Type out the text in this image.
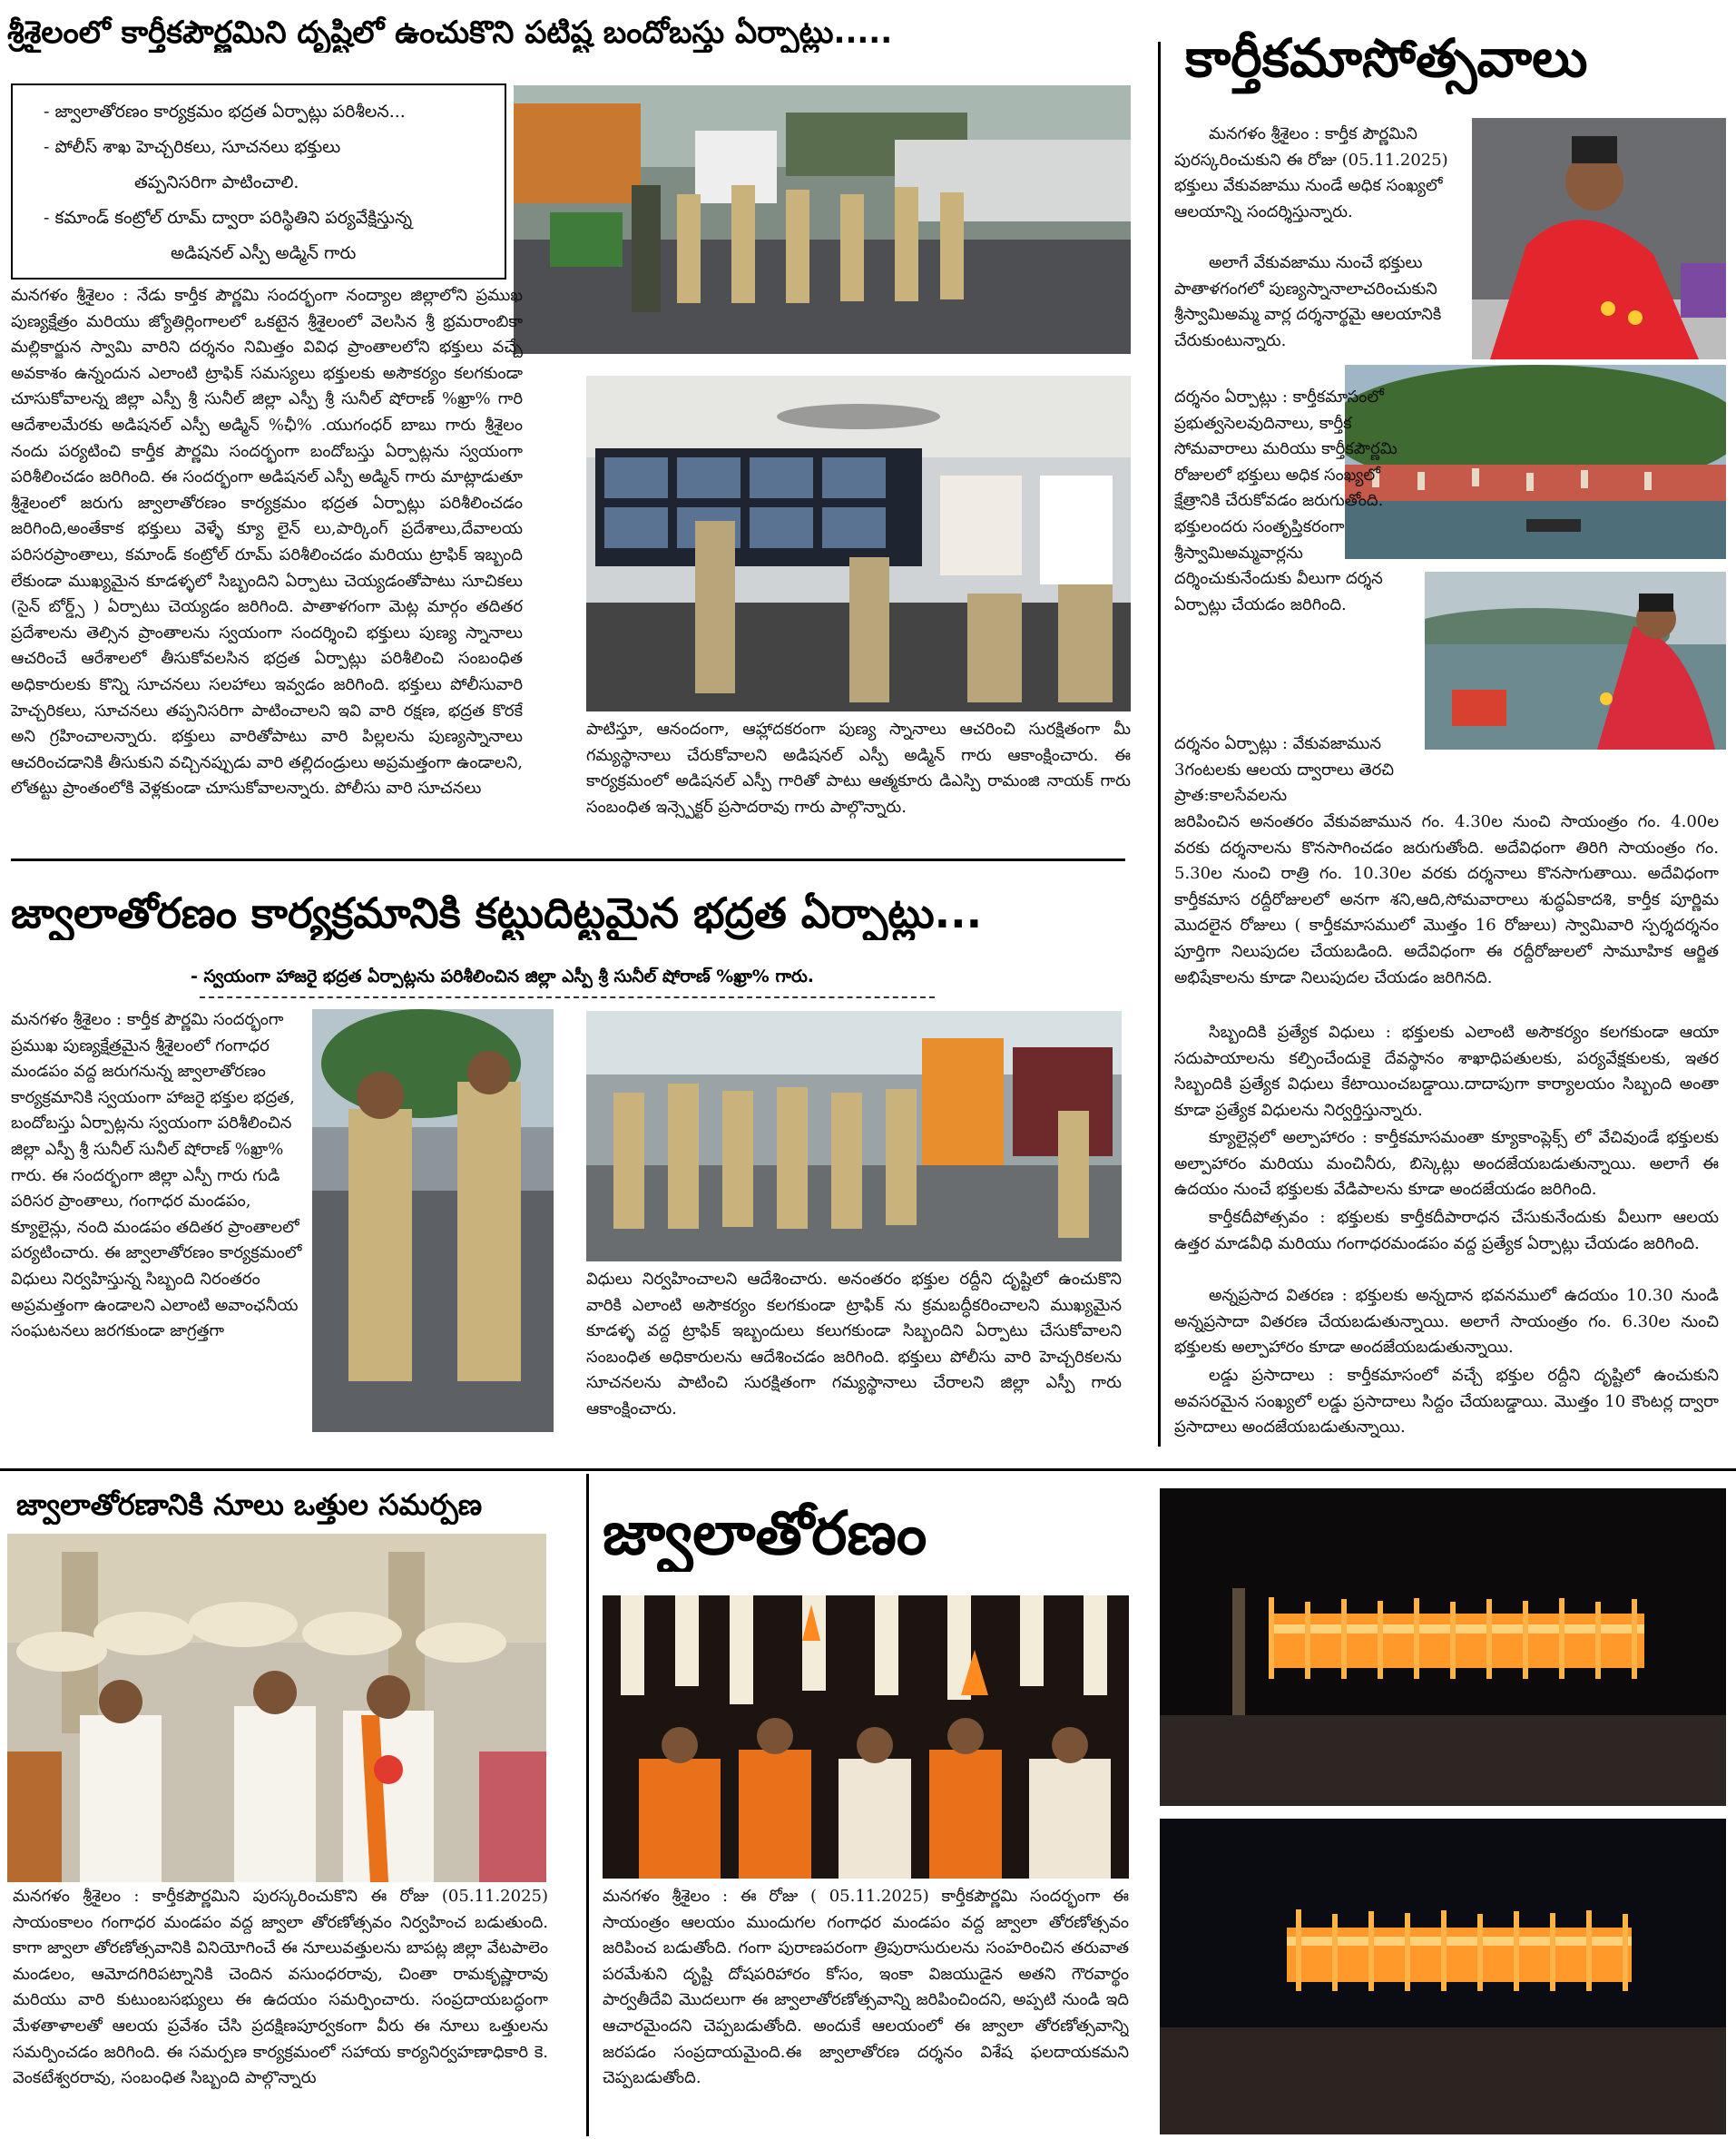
శ్రీశైలంలో కార్తీకపౌర్ణమిని దృష్టిలో ఉంచుకొని పటిష్ట బందోబస్తు ఏర్పాట్లు.....
- జ్వాలాతోరణం కార్యక్రమం భద్రత ఏర్పాట్లు పరిశీలన...
- పోలీస్ శాఖ హెచ్చరికలు, సూచనలు భక్తులు
తప్పనిసరిగా పాటించాలి.
- కమాండ్ కంట్రోల్ రూమ్ ద్వారా పరిస్థితిని పర్యవేక్షిస్తున్న
అడిషనల్ ఎస్పీ అడ్మిన్ గారు
మనగళం శ్రీశైలం : నేడు కార్తీక పౌర్ణమి సందర్భంగా నంద్యాల జిల్లాలోని ప్రముఖ పుణ్యక్షేత్రం మరియు జ్యోతిర్లింగాలలో ఒకటైన శ్రీశైలంలో వెలసిన శ్రీ భ్రమరాంబికా మల్లికార్జున స్వామి వారిని దర్శనం నిమిత్తం వివిధ ప్రాంతాలలోని భక్తులు వచ్చే అవకాశం ఉన్నందున ఎలాంటి ట్రాఫిక్ సమస్యలు భక్తులకు అసౌకర్యం కలగకుండా చూసుకోవాలన్న జిల్లా ఎస్పీ శ్రీ సునీల్ జిల్లా ఎస్పీ శ్రీ సునీల్ షోరాణ్ %ఖ్రా% గారి ఆదేశాలమేరకు అడిషనల్ ఎస్పీ అడ్మిన్ %ఛీ% .యుగంధర్ బాబు గారు శ్రీశైలం నందు పర్యటించి కార్తీక పౌర్ణమి సందర్భంగా బందోబస్తు ఏర్పాట్లను స్వయంగా పరిశీలించడం జరిగింది. ఈ సందర్భంగా అడిషనల్ ఎస్పీ అడ్మిన్ గారు మాట్లాడుతూ శ్రీశైలంలో జరుగు జ్వాలాతోరణం కార్యక్రమం భద్రత ఏర్పాట్లు పరిశీలించడం జరిగింది,అంతేకాక భక్తులు వెళ్ళే క్యూ లైన్ లు,పార్కింగ్ ప్రదేశాలు,దేవాలయ పరిసరప్రాంతాలు, కమాండ్ కంట్రోల్ రూమ్ పరిశీలించడం మరియు ట్రాఫిక్ ఇబ్బంది లేకుండా ముఖ్యమైన కూడళ్ళలో సిబ్బందిని ఏర్పాటు చెయ్యడంతోపాటు సూచికలు (సైన్ బోర్డ్స్ ) ఏర్పాటు చెయ్యడం జరిగింది. పాతాళగంగా మెట్ల మార్గం తదితర ప్రదేశాలను తెల్సిన ప్రాంతాలను స్వయంగా సందర్శించి భక్తులు పుణ్య స్నానాలు ఆచరించే ఆరేశాలలో తీసుకోవలసిన భద్రత ఏర్పాట్లు పరిశీలించి సంబంధిత అధికారులకు కొన్ని సూచనలు సలహాలు ఇవ్వడం జరిగింది. భక్తులు పోలీసువారి హెచ్చరికలు, సూచనలు తప్పనిసరిగా పాటించాలని ఇవి వారి రక్షణ, భద్రత కొరకే అని గ్రహించాలన్నారు. భక్తులు వారితోపాటు వారి పిల్లలను పుణ్యస్నానాలు ఆచరించడానికి తీసుకుని వచ్చినప్పుడు వారి తల్లిదండ్రులు అప్రమత్తంగా ఉండాలని, లోతట్టు ప్రాంతంలోకి వెళ్లకుండా చూసుకోవాలన్నారు. పోలీసు వారి సూచనలు
పాటిస్తూ, ఆనందంగా, ఆహ్లాదకరంగా పుణ్య స్నానాలు ఆచరించి సురక్షితంగా మీ గమ్యస్థానాలు చేరుకోవాలని అడిషనల్ ఎస్పీ అడ్మిన్ గారు ఆకాంక్షించారు. ఈ కార్యక్రమంలో అడిషనల్ ఎస్పీ గారితో పాటు ఆత్మకూరు డిఎస్పి రామంజి నాయక్ గారు సంబంధిత ఇన్స్పెక్టర్ ప్రసాదరావు గారు పాల్గొన్నారు.
జ్వాలాతోరణం కార్యక్రమానికి కట్టుదిట్టమైన భద్రత ఏర్పాట్లు...
- స్వయంగా హాజరై భద్రత ఏర్పాట్లను పరిశీలించిన జిల్లా ఎస్పీ శ్రీ సునీల్ షోరాణ్ %ఖ్రా% గారు.
మనగళం శ్రీశైలం : కార్తీక పౌర్ణమి సందర్భంగా ప్రముఖ పుణ్యక్షేత్రమైన శ్రీశైలంలో గంగాధర మండపం వద్ద జరుగనున్న జ్వాలాతోరణం కార్యక్రమానికి స్వయంగా హాజరై భక్తుల భద్రత, బందోబస్తు ఏర్పాట్లను స్వయంగా పరిశీలించిన జిల్లా ఎస్పీ శ్రీ సునీల్ సునీల్ షోరాణ్ %ఖ్రా% గారు. ఈ సందర్భంగా జిల్లా ఎస్పీ గారు గుడి పరిసర ప్రాంతాలు, గంగాధర మండపం, క్యూలైన్లు, నంది మండపం తదితర ప్రాంతాలలో పర్యటించారు. ఈ జ్వాలాతోరణం కార్యక్రమంలో విధులు నిర్వహిస్తున్న సిబ్బంది నిరంతరం అప్రమత్తంగా ఉండాలని ఎలాంటి అవాంఛనీయ సంఘటనలు జరగకుండా జాగ్రత్తగా
విధులు నిర్వహించాలని ఆదేశించారు. అనంతరం భక్తుల రద్దీని దృష్టిలో ఉంచుకొని వారికి ఎలాంటి అసౌకర్యం కలగకుండా ట్రాఫిక్ ను క్రమబద్ధీకరించాలని ముఖ్యమైన కూడళ్ళ వద్ద ట్రాఫిక్ ఇబ్బందులు కలుగకుండా సిబ్బందిని ఏర్పాటు చేసుకోవాలని సంబంధిత అధికారులను ఆదేశించడం జరిగింది. భక్తులు పోలీసు వారి హెచ్చరికలను సూచనలను పాటించి సురక్షితంగా గమ్యస్థానాలు చేరాలని జిల్లా ఎస్పీ గారు ఆకాంక్షించారు.
కార్తీకమాసోత్సవాలు

మనగళం శ్రీశైలం : కార్తీక పౌర్ణమిని పురస్కరించుకుని ఈ రోజు (05.11.2025) భక్తులు వేకువజాము నుండే అధిక సంఖ్యలో ఆలయాన్ని సందర్శిస్తున్నారు.

అలాగే వేకువజాము నుంచే భక్తులు పాతాళగంగలో పుణ్యస్నానాలాచరించుకుని శ్రీస్వామిఅమ్మ వార్ల దర్శనార్థమై ఆలయానికి చేరుకుంటున్నారు.

దర్శనం ఏర్పాట్లు : కార్తీకమాసంలో ప్రభుత్వసెలవుదినాలు, కార్తీక సోమవారాలు మరియు కార్తీకపౌర్ణమి రోజులలో భక్తులు అధిక సంఖ్యలో క్షేత్రానికి చేరుకోవడం జరుగుతోంది. భక్తులందరు సంతృప్తికరంగా శ్రీస్వామిఅమ్మవార్లను దర్శించుకునేందుకు వీలుగా దర్శన ఏర్పాట్లు చేయడం జరిగింది.
దర్శనం ఏర్పాట్లు : వేకువజామున 3గంటలకు ఆలయ ద్వారాలు తెరచి ప్రాత:కాలసేవలను
జరిపించిన అనంతరం వేకువజామున గం. 4.30ల నుంచి సాయంత్రం గం. 4.00ల వరకు దర్శనాలను కొనసాగించడం జరుగుతోంది. అదేవిధంగా తిరిగి సాయంత్రం గం. 5.30ల నుంచి రాత్రి గం. 10.30ల వరకు దర్శనాలు కొనసాగుతాయి. అదేవిధంగా కార్తీకమాస రద్దీరోజులలో అనగా శని,ఆది,సోమవారాలు శుద్ధఏకాదశి, కార్తీక పూర్ణిమ మొదలైన రోజులు ( కార్తీకమాసములో మొత్తం 16 రోజులు) స్వామివారి స్పర్శదర్శనం పూర్తిగా నిలుపుదల చేయబడింది. అదేవిధంగా ఈ రద్దీరోజులలో సామూహిక ఆర్జిత అభిషేకాలను కూడా నిలుపుదల చేయడం జరిగినది.

సిబ్బందికి ప్రత్యేక విధులు : భక్తులకు ఎలాంటి అసౌకర్యం కలగకుండా ఆయా సదుపాయాలను కల్పించేందుకై దేవస్థానం శాఖాధిపతులకు, పర్యవేక్షకులకు, ఇతర సిబ్బందికి ప్రత్యేక విధులు కేటాయించబడ్డాయి.దాదాపుగా కార్యాలయం సిబ్బంది అంతా కూడా ప్రత్యేక విధులను నిర్వర్తిస్తున్నారు.

క్యూలైన్లలో అల్పాహారం : కార్తీకమాసమంతా క్యూకాంప్లెక్స్ లో వేచివుండే భక్తులకు అల్పాహారం మరియు మంచినీరు, బిస్కెట్లు అందజేయబడుతున్నాయి. అలాగే ఈ ఉదయం నుంచే భక్తులకు వేడిపాలను కూడా అందజేయడం జరిగింది.

కార్తీకదీపోత్సవం : భక్తులకు కార్తీకదీపారాధన చేసుకునేందుకు వీలుగా ఆలయ ఉత్తర మాడవీధి మరియు గంగాధరమండపం వద్ద ప్రత్యేక ఏర్పాట్లు చేయడం జరిగింది.

అన్నప్రసాద వితరణ : భక్తులకు అన్నదాన భవనములో ఉదయం 10.30 నుండి అన్నప్రసాదా వితరణ చేయబడుతున్నాయి. అలాగే సాయంత్రం గం. 6.30ల నుంచి భక్తులకు అల్పాహారం కూడా అందజేయబడుతున్నాయి.

లడ్డు ప్రసాదాలు : కార్తీకమాసంలో వచ్చే భక్తుల రద్దీని దృష్టిలో ఉంచుకుని అవసరమైన సంఖ్యలో లడ్డు ప్రసాదాలు సిద్దం చేయబడ్డాయి. మొత్తం 10 కౌంటర్ల ద్వారా ప్రసాదాలు అందజేయబడుతున్నాయి.

జ్వాలాతోరణానికి నూలు ఒత్తుల సమర్పణ
మనగళం శ్రీశైలం : కార్తీకపౌర్ణమిని పురస్కరించుకొని ఈ రోజు (05.11.2025) సాయంకాలం గంగాధర మండపం వద్ద జ్వాలా తోరణోత్సవం నిర్వహించ బడుతుంది. కాగా జ్వాలా తోరణోత్సవానికి వినియోగించే ఈ నూలువత్తులను బాపట్ల జిల్లా వేటపాలెం మండలం, ఆమోదగిరిపట్నానికి చెందిన వసుంధరరావు, చింతా రామకృష్ణారావు మరియు వారి కుటుంబసభ్యులు ఈ ఉదయం సమర్పించారు. సంప్రదాయబద్ధంగా మేళతాళాలతో ఆలయ ప్రవేశం చేసి ప్రదక్షిణపూర్వకంగా వీరు ఈ నూలు ఒత్తులను సమర్పించడం జరిగింది. ఈ సమర్పణ కార్యక్రమంలో సహాయ కార్యనిర్వహణాధికారి కె. వెంకటేశ్వరరావు, సంబంధిత సిబ్బంది పాల్గొన్నారు
జ్వాలాతోరణం
మనగళం శ్రీశైలం : ఈ రోజు ( 05.11.2025) కార్తీకపౌర్ణమి సందర్భంగా ఈ సాయంత్రం ఆలయం ముందుగల గంగాధర మండపం వద్ద జ్వాలా తోరణోత్సవం జరిపించ బడుతోంది. గంగా పురాణపరంగా త్రిపురాసురులను సంహరించిన తరువాత పరమేశుని దృష్టి దోషపరిహారం కోసం, ఇంకా విజయుడైన అతని గౌరవార్థం పార్వతీదేవి మొదలుగా ఈ జ్వాలాతోరణోత్సవాన్ని జరిపించిందని, అప్పటి నుండి ఇది ఆచారమైందని చెప్పబడుతోంది. అందుకే ఆలయంలో ఈ జ్వాలా తోరణోత్సవాన్ని జరపడం సంప్రదాయమైంది.ఈ జ్వాలాతోరణ దర్శనం విశేష ఫలదాయకమని చెప్పబడుతోంది.
